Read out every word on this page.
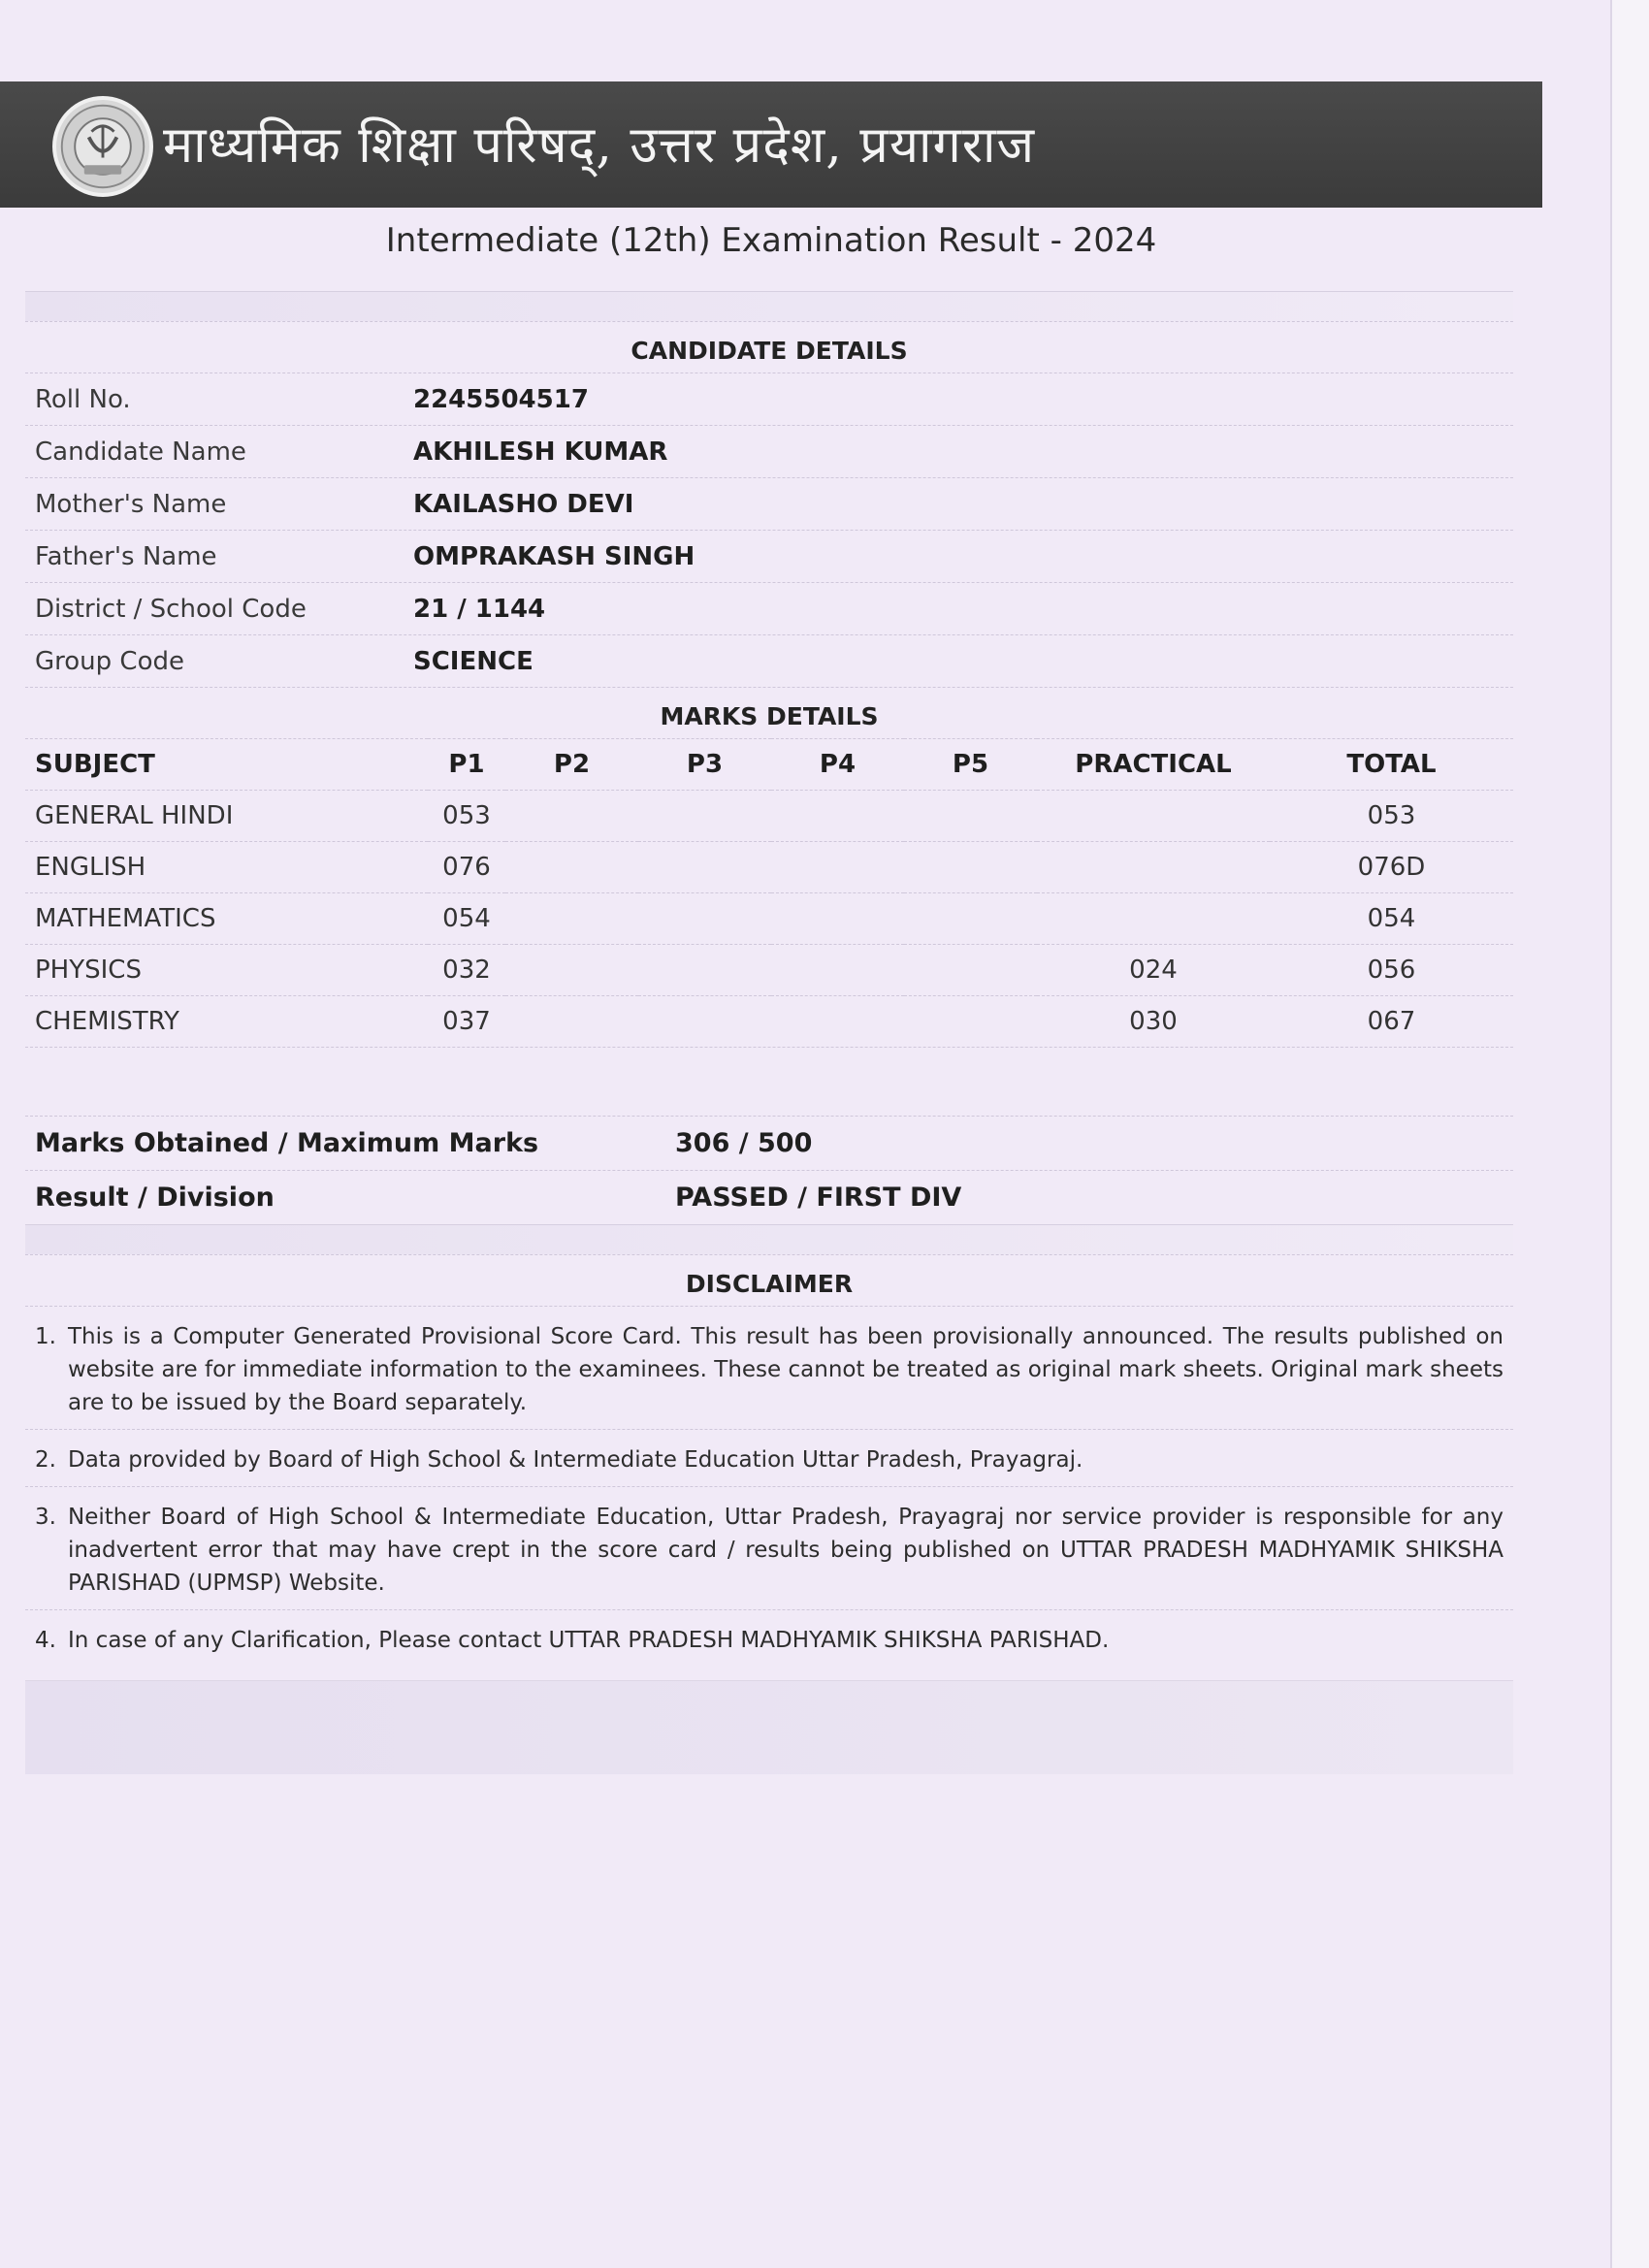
माध्यमिक शिक्षा परिषद्, उत्तर प्रदेश, प्रयागराज
Intermediate (12th) Examination Result - 2024
CANDIDATE DETAILS
Roll No.	2245504517
Candidate Name	AKHILESH KUMAR
Mother's Name	KAILASHO DEVI
Father's Name	OMPRAKASH SINGH
District / School Code	21 / 1144
Group Code	SCIENCE
MARKS DETAILS
SUBJECT	P1	P2	P3	P4	P5	PRACTICAL	TOTAL
GENERAL HINDI	053						053
ENGLISH	076						076D
MATHEMATICS	054						054
PHYSICS	032					024	056
CHEMISTRY	037					030	067
Marks Obtained / Maximum Marks	306 / 500
Result / Division	PASSED / FIRST DIV
DISCLAIMER
1. This is a Computer Generated Provisional Score Card. This result has been provisionally announced. The results published on website are for immediate information to the examinees. These cannot be treated as original mark sheets. Original mark sheets are to be issued by the Board separately.
2. Data provided by Board of High School & Intermediate Education Uttar Pradesh, Prayagraj.
3. Neither Board of High School & Intermediate Education, Uttar Pradesh, Prayagraj nor service provider is responsible for any inadvertent error that may have crept in the score card / results being published on UTTAR PRADESH MADHYAMIK SHIKSHA PARISHAD (UPMSP) Website.
4. In case of any Clarification, Please contact UTTAR PRADESH MADHYAMIK SHIKSHA PARISHAD.
